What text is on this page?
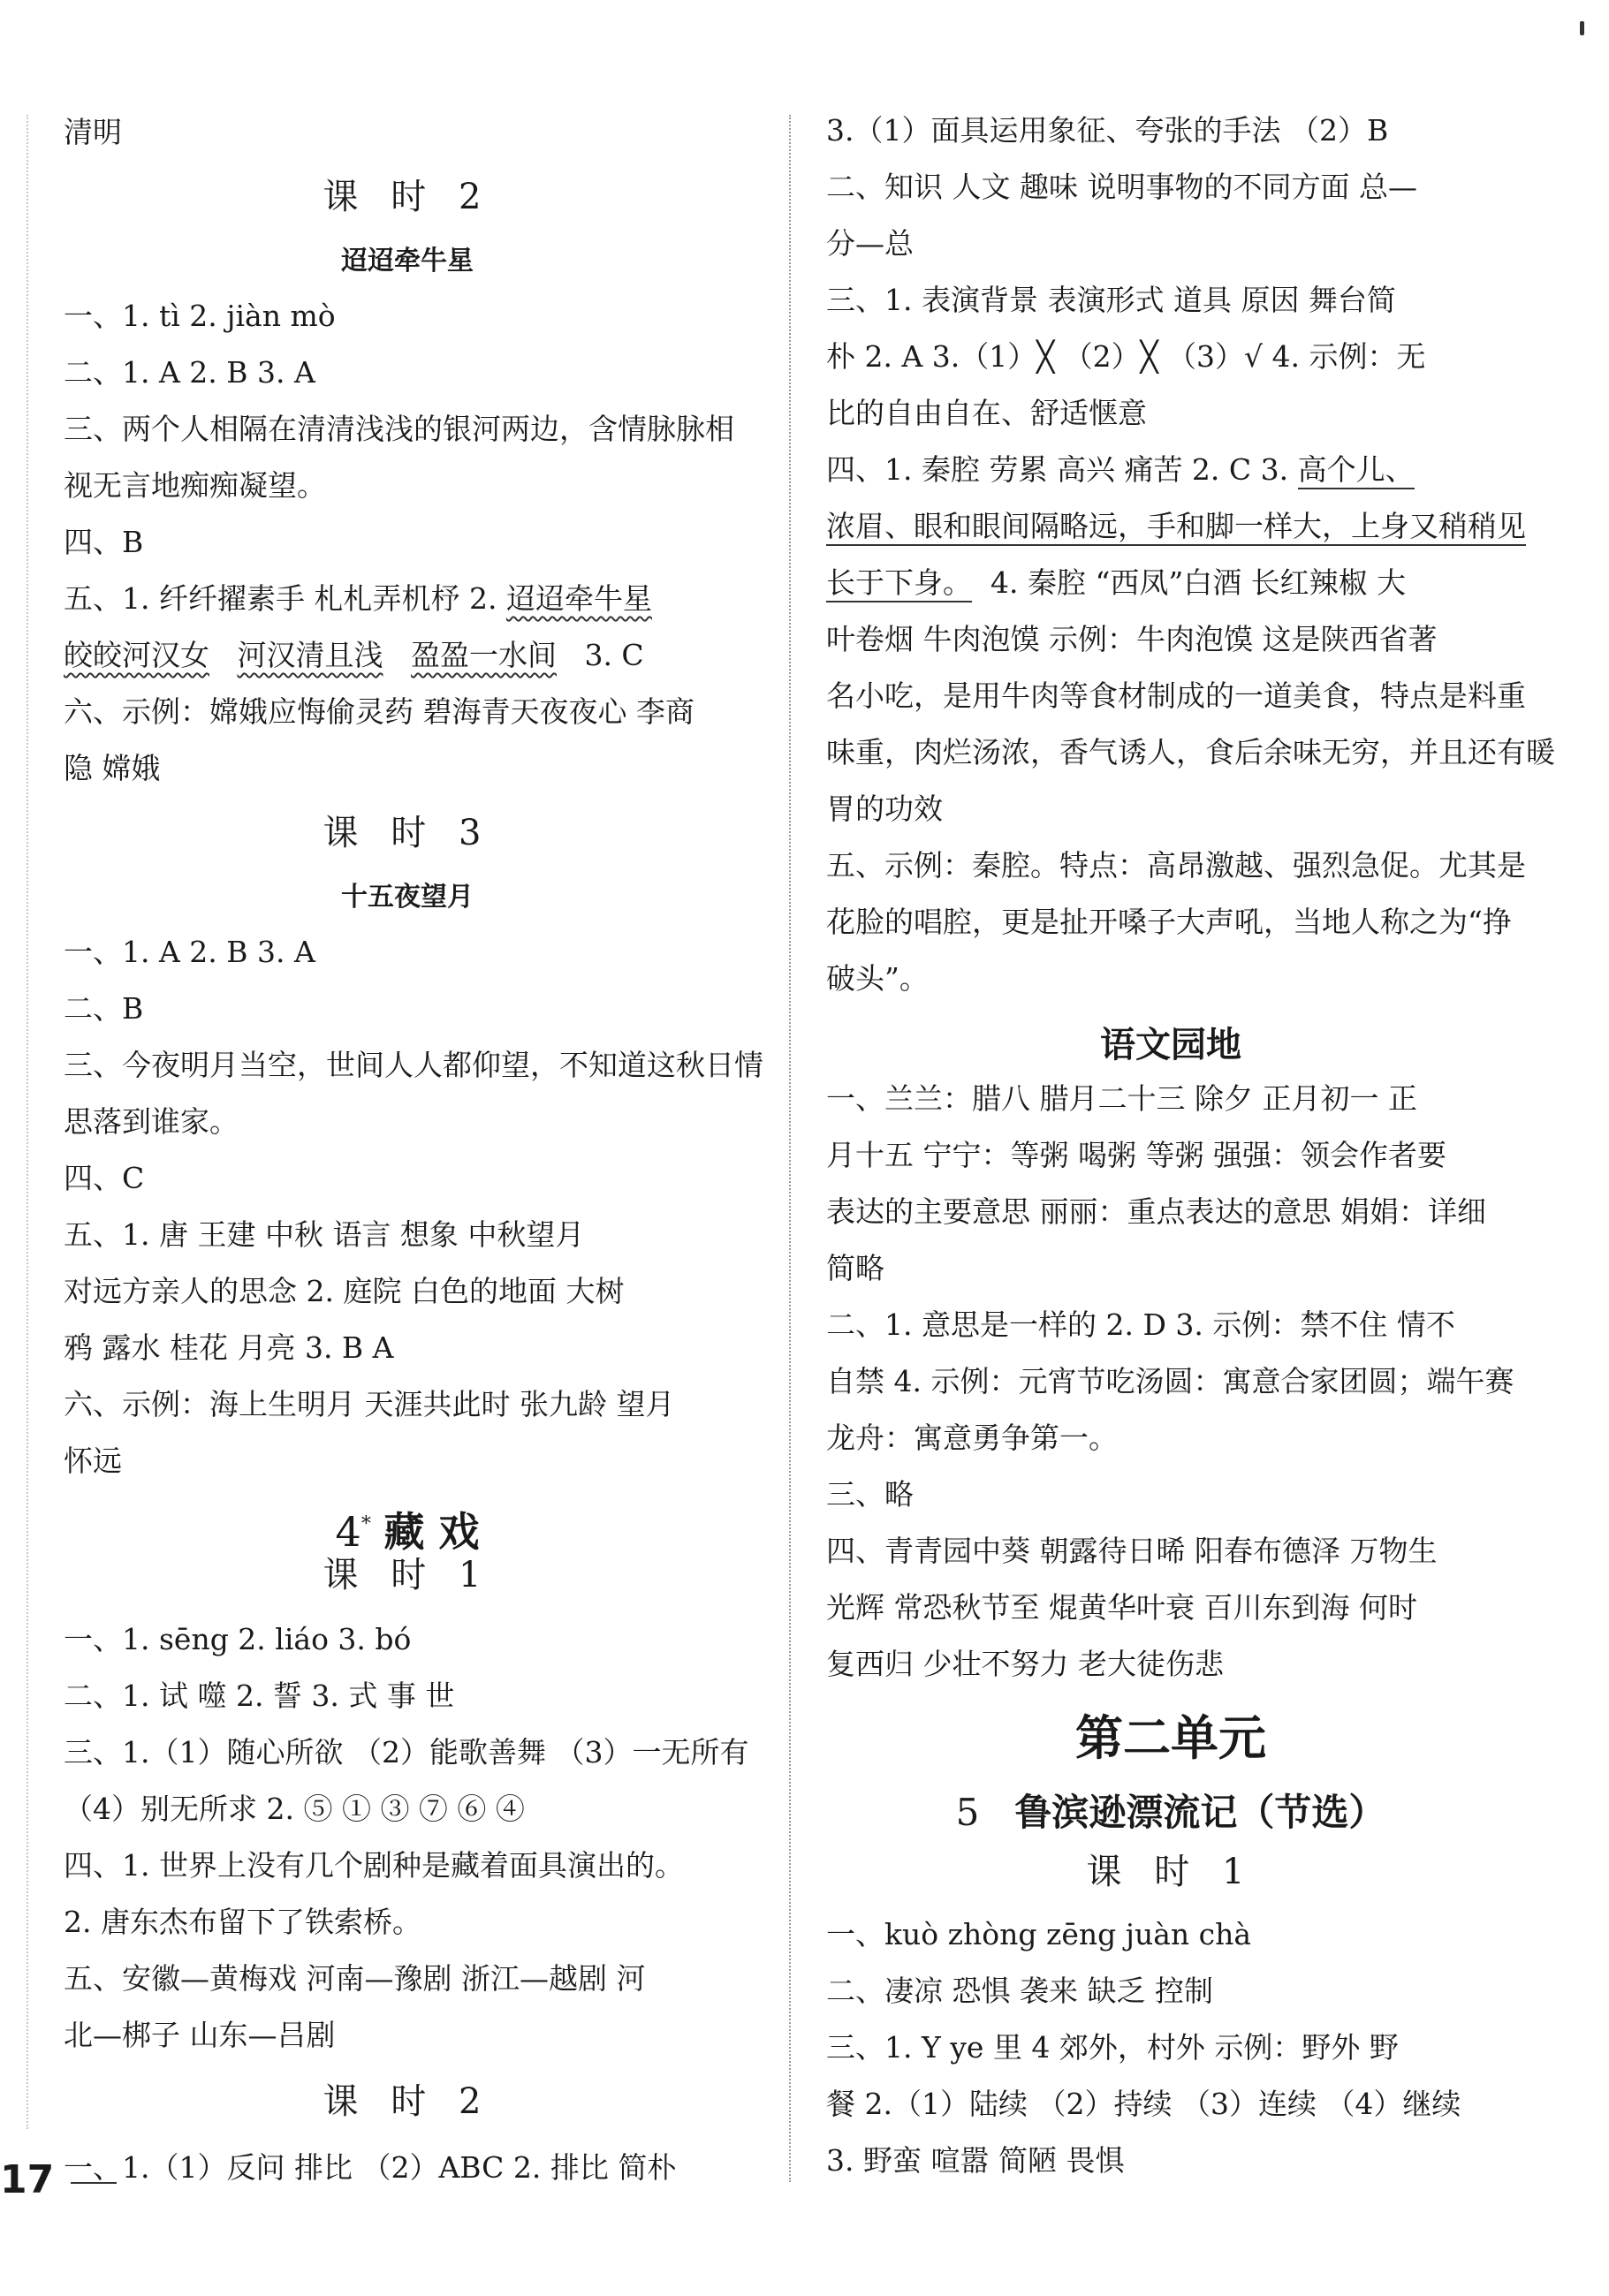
清明
课 时 2
迢迢牵牛星
一、1. tì 2. jiàn mò
二、1. A 2. B 3. A
三、两个人相隔在清清浅浅的银河两边，含情脉脉相
视无言地痴痴凝望。
四、B
五、1. 纤纤擢素手 札札弄机杼 2. 迢迢牵牛星
皎皎河汉女 河汉清且浅 盈盈一水间 3. C
六、示例：嫦娥应悔偷灵药 碧海青天夜夜心 李商
隐 嫦娥
课 时 3
十五夜望月
一、1. A 2. B 3. A
二、B
三、今夜明月当空，世间人人都仰望，不知道这秋日情
思落到谁家。
四、C
五、1. 唐 王建 中秋 语言 想象 中秋望月
对远方亲人的思念 2. 庭院 白色的地面 大树
鸦 露水 桂花 月亮 3. B A
六、示例：海上生明月 天涯共此时 张九龄 望月
怀远
4* 藏 戏
课 时 1
一、1. sēng 2. liáo 3. bó
二、1. 试 噬 2. 誓 3. 式 事 世
三、1.（1）随心所欲 （2）能歌善舞 （3）一无所有
（4）别无所求 2. ⑤ ① ③ ⑦ ⑥ ④
四、1. 世界上没有几个剧种是藏着面具演出的。
2. 唐东杰布留下了铁索桥。
五、安徽—黄梅戏 河南—豫剧 浙江—越剧 河
北—梆子 山东—吕剧
课 时 2
一、1.（1）反问 排比 （2）ABC 2. 排比 简朴
3.（1）面具运用象征、夸张的手法 （2）B
二、知识 人文 趣味 说明事物的不同方面 总—
分—总
三、1. 表演背景 表演形式 道具 原因 舞台简
朴 2. A 3.（1）╳ （2）╳ （3）√ 4. 示例：无
比的自由自在、舒适惬意
四、1. 秦腔 劳累 高兴 痛苦 2. C 3. 高个儿、
浓眉、眼和眼间隔略远，手和脚一样大，上身又稍稍见
长于下身。 4. 秦腔 “西凤”白酒 长红辣椒 大
叶卷烟 牛肉泡馍 示例：牛肉泡馍 这是陕西省著
名小吃，是用牛肉等食材制成的一道美食，特点是料重
味重，肉烂汤浓，香气诱人，食后余味无穷，并且还有暖
胃的功效
五、示例：秦腔。特点：高昂激越、强烈急促。尤其是
花脸的唱腔，更是扯开嗓子大声吼，当地人称之为“挣
破头”。
语文园地
一、兰兰：腊八 腊月二十三 除夕 正月初一 正
月十五 宁宁：等粥 喝粥 等粥 强强：领会作者要
表达的主要意思 丽丽：重点表达的意思 娟娟：详细
简略
二、1. 意思是一样的 2. D 3. 示例：禁不住 情不
自禁 4. 示例：元宵节吃汤圆：寓意合家团圆；端午赛
龙舟：寓意勇争第一。
三、略
四、青青园中葵 朝露待日晞 阳春布德泽 万物生
光辉 常恐秋节至 焜黄华叶衰 百川东到海 何时
复西归 少壮不努力 老大徒伤悲
第二单元
5 鲁滨逊漂流记（节选）
课 时 1
一、kuò zhòng zēng juàn chà
二、凄凉 恐惧 袭来 缺乏 控制
三、1. Y ye 里 4 郊外，村外 示例：野外 野
餐 2.（1）陆续 （2）持续 （3）连续 （4）继续
3. 野蛮 喧嚣 简陋 畏惧
17
